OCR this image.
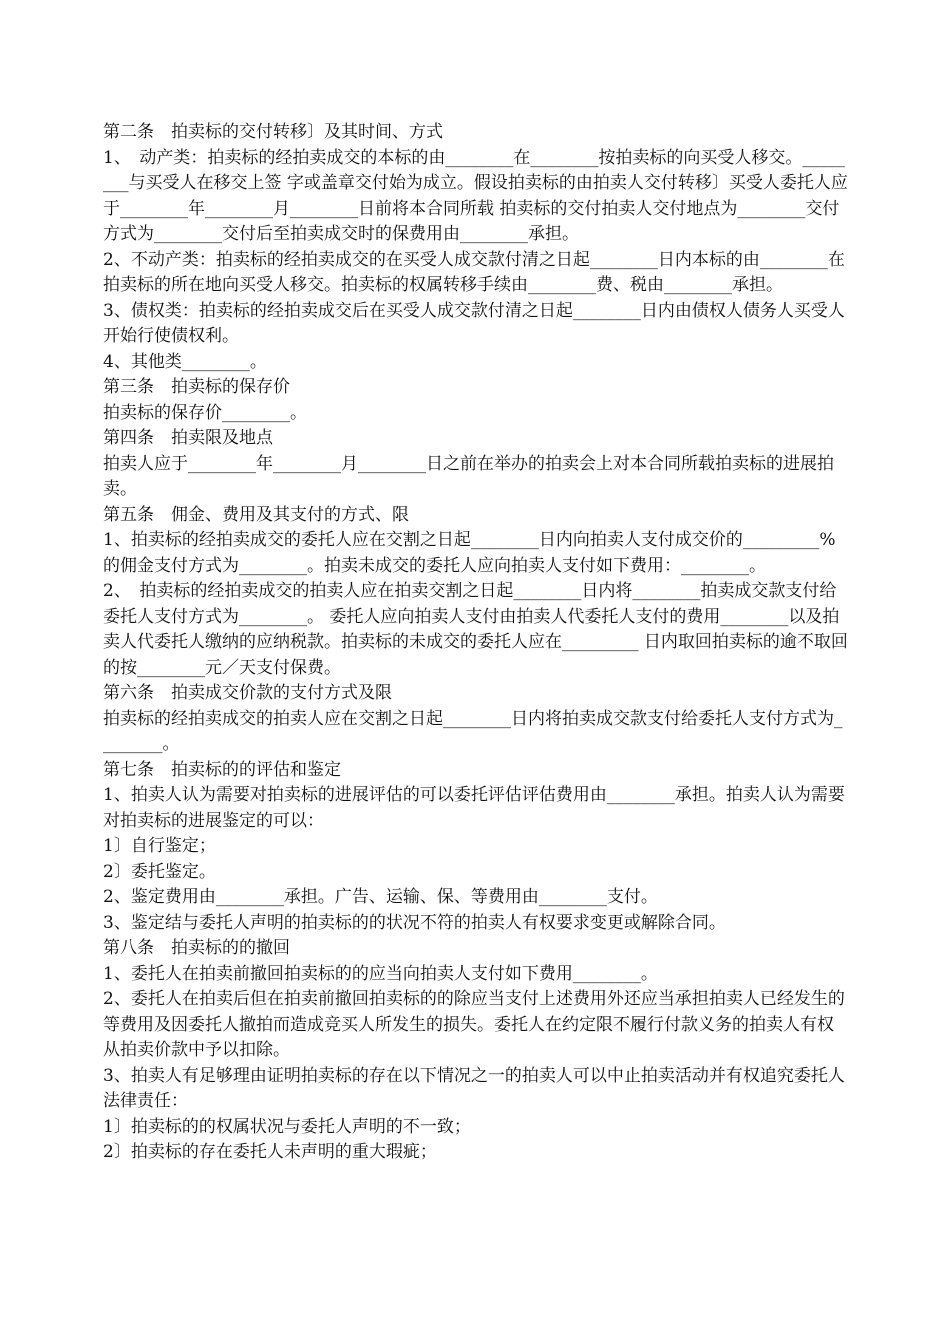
第二条　拍卖标的交付转移〕及其时间、方式
1、　动产类：拍卖标的经拍卖成交的本标的由________在________按拍卖标的向买受人移交。________与买受人在移交上签 字或盖章交付始为成立。假设拍卖标的由拍卖人交付转移〕买受人委托人应于________年________月________日前将本合同所载 拍卖标的交付拍卖人交付地点为________交付方式为________交付后至拍卖成交时的保费用由________承担。
2、不动产类：拍卖标的经拍卖成交的在买受人成交款付清之日起________日内本标的由________在拍卖标的所在地向买受人移交。拍卖标的权属转移手续由________费、税由________承担。
3、债权类：拍卖标的经拍卖成交后在买受人成交款付清之日起________日内由债权人债务人买受人开始行使债权利。
4、其他类________。
第三条　拍卖标的保存价
拍卖标的保存价________。
第四条　拍卖限及地点
拍卖人应于________年________月________日之前在举办的拍卖会上对本合同所载拍卖标的进展拍卖。
第五条　佣金、费用及其支付的方式、限
1、拍卖标的经拍卖成交的委托人应在交割之日起________日内向拍卖人支付成交价的_________%的佣金支付方式为________。拍卖未成交的委托人应向拍卖人支付如下费用：________。
2、　拍卖标的经拍卖成交的拍卖人应在拍卖交割之日起________日内将________拍卖成交款支付给委托人支付方式为________。 委托人应向拍卖人支付由拍卖人代委托人支付的费用________以及拍卖人代委托人缴纳的应纳税款。拍卖标的未成交的委托人应在_________ 日内取回拍卖标的逾不取回的按________元／天支付保费。
第六条　拍卖成交价款的支付方式及限
拍卖标的经拍卖成交的拍卖人应在交割之日起________日内将拍卖成交款支付给委托人支付方式为________。
第七条　拍卖标的的评估和鉴定
1、拍卖人认为需要对拍卖标的进展评估的可以委托评估评估费用由________承担。拍卖人认为需要对拍卖标的进展鉴定的可以：
1〕自行鉴定；
2〕委托鉴定。
2、鉴定费用由________承担。广告、运输、保、等费用由________支付。
3、鉴定结与委托人声明的拍卖标的的状况不符的拍卖人有权要求变更或解除合同。
第八条　拍卖标的的撤回
1、委托人在拍卖前撤回拍卖标的的应当向拍卖人支付如下费用________。
2、委托人在拍卖后但在拍卖前撤回拍卖标的的除应当支付上述费用外还应当承担拍卖人已经发生的等费用及因委托人撤拍而造成竞买人所发生的损失。委托人在约定限不履行付款义务的拍卖人有权从拍卖价款中予以扣除。
3、拍卖人有足够理由证明拍卖标的存在以下情况之一的拍卖人可以中止拍卖活动并有权追究委托人法律责任：
1〕拍卖标的的权属状况与委托人声明的不一致；
2〕拍卖标的存在委托人未声明的重大瑕疵；
